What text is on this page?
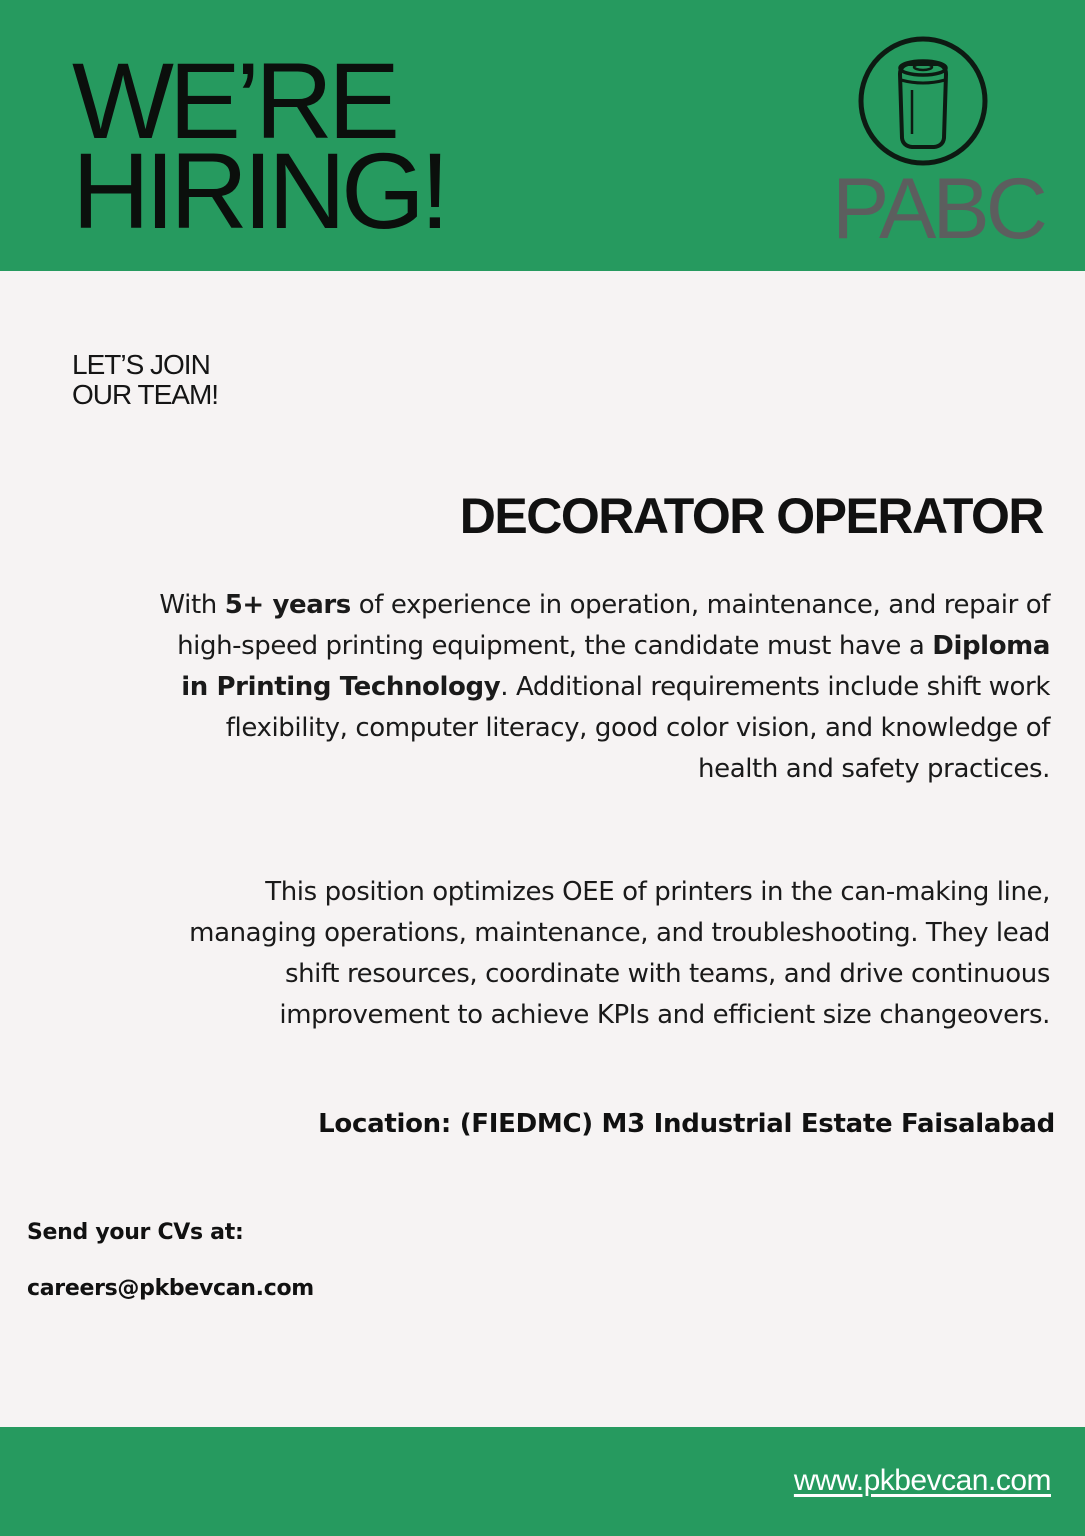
WE’RE
HIRING!	PABC
LET’S JOIN
OUR TEAM!
DECORATOR OPERATOR

With 5+ years of experience in operation, maintenance, and repair of high-speed printing equipment, the candidate must have a Diploma in Printing Technology. Additional requirements include shift work flexibility, computer literacy, good color vision, and knowledge of health and safety practices.

This position optimizes OEE of printers in the can-making line, managing operations, maintenance, and troubleshooting. They lead shift resources, coordinate with teams, and drive continuous improvement to achieve KPIs and efficient size changeovers.

Location: (FIEDMC) M3 Industrial Estate Faisalabad

Send your CVs at:

careers@pkbevcan.com

www.pkbevcan.com
